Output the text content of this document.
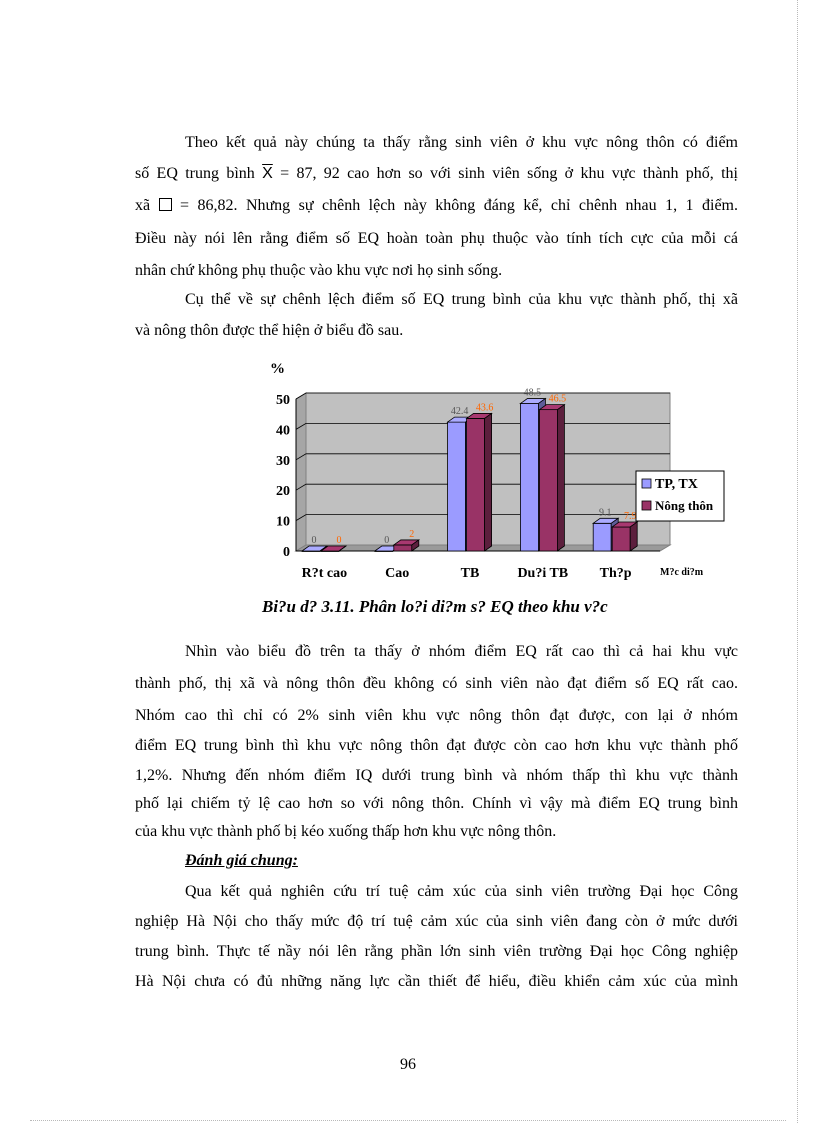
Theo kết quả này chúng ta thấy rằng sinh viên ở khu vực nông thôn có điểm
số EQ trung bình $\overline{X} = 87$, 92 cao hơn so với sinh viên sống ở khu vực thành phố, thị
xã  = 86,82. Nhưng sự chênh lệch này không đáng kể, chỉ chênh nhau 1, 1 điểm.
Điều này nói lên rằng điểm số EQ hoàn toàn phụ thuộc vào tính tích cực của mỗi cá
nhân chứ không phụ thuộc vào khu vực nơi họ sinh sống.
Cụ thể về sự chênh lệch điểm số EQ trung bình của khu vực thành phố, thị xã
và nông thôn được thể hiện ở biểu đồ sau.
0
10
20
30
40
50
%
0 0
R?t cao
0
2
Cao
42.4 43.6
TB
48.5
46.5
Du?i TB
9.1 7.9
Th?p	M?c di?m
TP, TX
Nông thôn
Bi?u d? 3.11. Phân lo?i di?m s? EQ theo khu v?c
Nhìn vào biểu đồ trên ta thấy ở nhóm điểm EQ rất cao thì cả hai khu vực
thành phố, thị xã và nông thôn đều không có sinh viên nào đạt điểm số EQ rất cao.
Nhóm cao thì chỉ có 2% sinh viên khu vực nông thôn đạt được, con lại ở nhóm
điểm EQ trung bình thì khu vực nông thôn đạt được còn cao hơn khu vực thành phố
1,2%. Nhưng đến nhóm điểm IQ dưới trung bình và nhóm thấp thì khu vực thành
phố lại chiếm tỷ lệ cao hơn so với nông thôn. Chính vì vậy mà điểm EQ trung bình
của khu vực thành phố bị kéo xuống thấp hơn khu vực nông thôn.
Đánh giá chung:
Qua kết quả nghiên cứu trí tuệ cảm xúc của sinh viên trường Đại học Công
nghiệp Hà Nội cho thấy mức độ trí tuệ cảm xúc của sinh viên đang còn ở mức dưới
trung bình. Thực tế nầy nói lên rằng phần lớn sinh viên trường Đại học Công nghiệp
Hà Nội chưa có đủ những năng lực cần thiết để hiểu, điều khiển cảm xúc của mình
96
